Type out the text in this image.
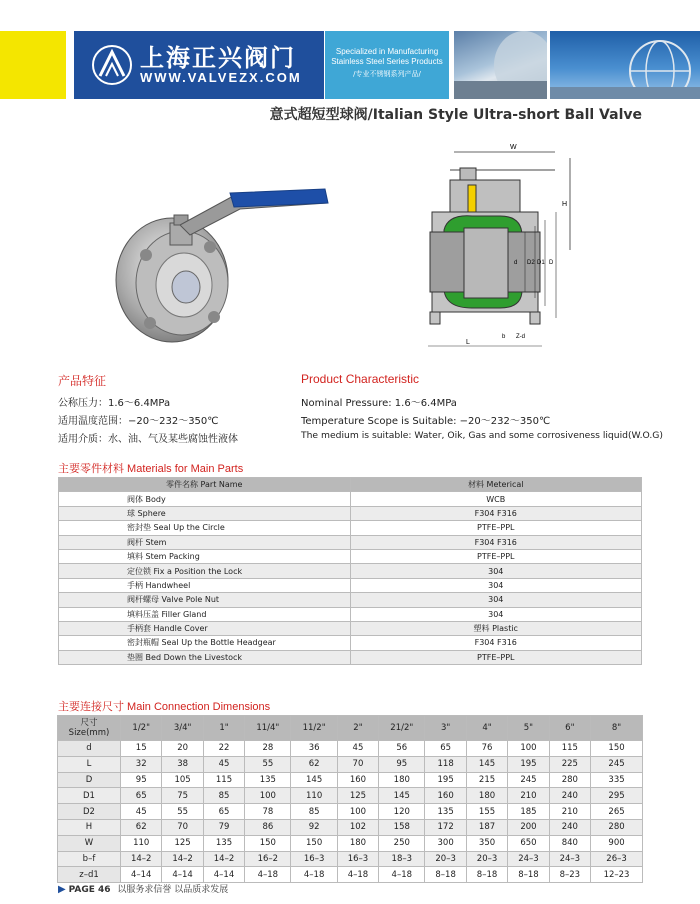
上海正兴阀门
WWW.VALVEZX.COM
Specialized in Manufacturing
Stainless Steel Series Products
/专业不锈钢系列产品/
意式超短型球阀/Italian Style Ultra-short Ball Valve
W
H
d D2 D1 D
L
b Z-d
产品特征	Product Characteristic
公称压力：1.6～6.4MPa
适用温度范围：−20～232～350℃
适用介质：水、油、气及某些腐蚀性液体
Nominal Pressure: 1.6～6.4MPa
Temperature Scope is Suitable: −20～232～350℃
The medium is suitable: Water, Oik, Gas and some corrosiveness liquid(W.O.G)
主要零件材料 Materials for Main Parts
零件名称 Part Name	材料 Meterical
阀体 Body	WCB
球 Sphere	F304 F316
密封垫 Seal Up the Circle	PTFE–PPL
阀杆 Stem	F304 F316
填料 Stem Packing	PTFE–PPL
定位锁 Fix a Position the Lock	304
手柄 Handwheel	304
阀杆螺母 Valve Pole Nut	304
填料压盖 Filler Gland	304
手柄套 Handle Cover	塑料 Plastic
密封瓶帽 Seal Up the Bottle Headgear	F304 F316
垫圈 Bed Down the Livestock	PTFE–PPL
主要连接尺寸 Main Connection Dimensions
尺寸
Size(mm)	1/2"	3/4"	1"	11/4"	11/2"	2"	21/2"	3"	4"	5"	6"	8"
d	15	20	22	28	36	45	56	65	76	100	115	150
L	32	38	45	55	62	70	95	118	145	195	225	245
D	95	105	115	135	145	160	180	195	215	245	280	335
D1	65	75	85	100	110	125	145	160	180	210	240	295
D2	45	55	65	78	85	100	120	135	155	185	210	265
H	62	70	79	86	92	102	158	172	187	200	240	280
W	110	125	135	150	150	180	250	300	350	650	840	900
b–f	14–2	14–2	14–2	16–2	16–3	16–3	18–3	20–3	20–3	24–3	24–3	26–3
z–d1	4–14	4–14	4–14	4–18	4–18	4–18	4–18	8–18	8–18	8–18	8–23	12–23
▶ PAGE 46 以服务求信誉 以品质求发展
